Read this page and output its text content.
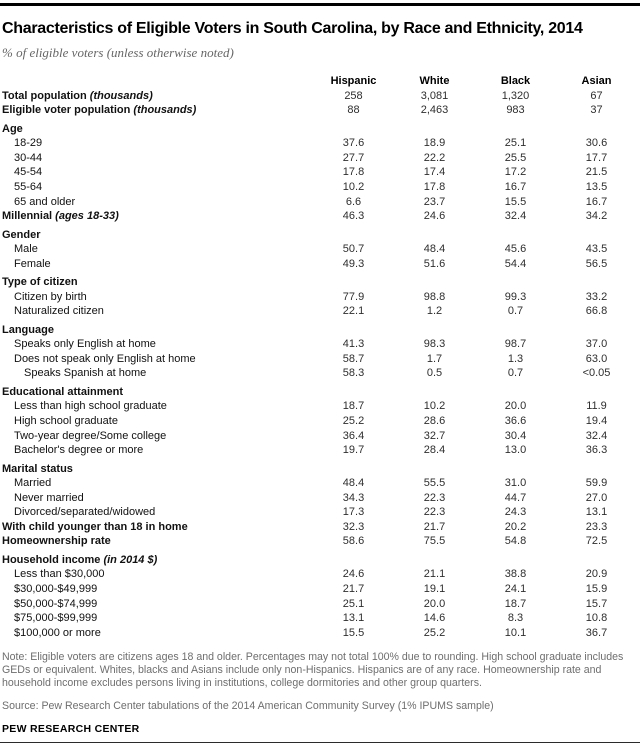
Characteristics of Eligible Voters in South Carolina, by Race and Ethnicity, 2014
% of eligible voters (unless otherwise noted)
	Hispanic	White	Black	Asian
Total population (thousands)	258	3,081	1,320	67
Eligible voter population (thousands)	88	2,463	983	37
Age				
18-29	37.6	18.9	25.1	30.6
30-44	27.7	22.2	25.5	17.7
45-54	17.8	17.4	17.2	21.5
55-64	10.2	17.8	16.7	13.5
65 and older	6.6	23.7	15.5	16.7
Millennial (ages 18-33)	46.3	24.6	32.4	34.2
Gender				
Male	50.7	48.4	45.6	43.5
Female	49.3	51.6	54.4	56.5
Type of citizen				
Citizen by birth	77.9	98.8	99.3	33.2
Naturalized citizen	22.1	1.2	0.7	66.8
Language				
Speaks only English at home	41.3	98.3	98.7	37.0
Does not speak only English at home	58.7	1.7	1.3	63.0
Speaks Spanish at home	58.3	0.5	0.7	<0.05
Educational attainment				
Less than high school graduate	18.7	10.2	20.0	11.9
High school graduate	25.2	28.6	36.6	19.4
Two-year degree/Some college	36.4	32.7	30.4	32.4
Bachelor's degree or more	19.7	28.4	13.0	36.3
Marital status				
Married	48.4	55.5	31.0	59.9
Never married	34.3	22.3	44.7	27.0
Divorced/separated/widowed	17.3	22.3	24.3	13.1
With child younger than 18 in home	32.3	21.7	20.2	23.3
Homeownership rate	58.6	75.5	54.8	72.5
Household income (in 2014 $)				
Less than $30,000	24.6	21.1	38.8	20.9
$30,000-$49,999	21.7	19.1	24.1	15.9
$50,000-$74,999	25.1	20.0	18.7	15.7
$75,000-$99,999	13.1	14.6	8.3	10.8
$100,000 or more	15.5	25.2	10.1	36.7
Note: Eligible voters are citizens ages 18 and older. Percentages may not total 100% due to rounding. High school graduate includes GEDs or equivalent. Whites, blacks and Asians include only non-Hispanics. Hispanics are of any race. Homeownership rate and household income excludes persons living in institutions, college dormitories and other group quarters.
Source: Pew Research Center tabulations of the 2014 American Community Survey (1% IPUMS sample)
PEW RESEARCH CENTER
